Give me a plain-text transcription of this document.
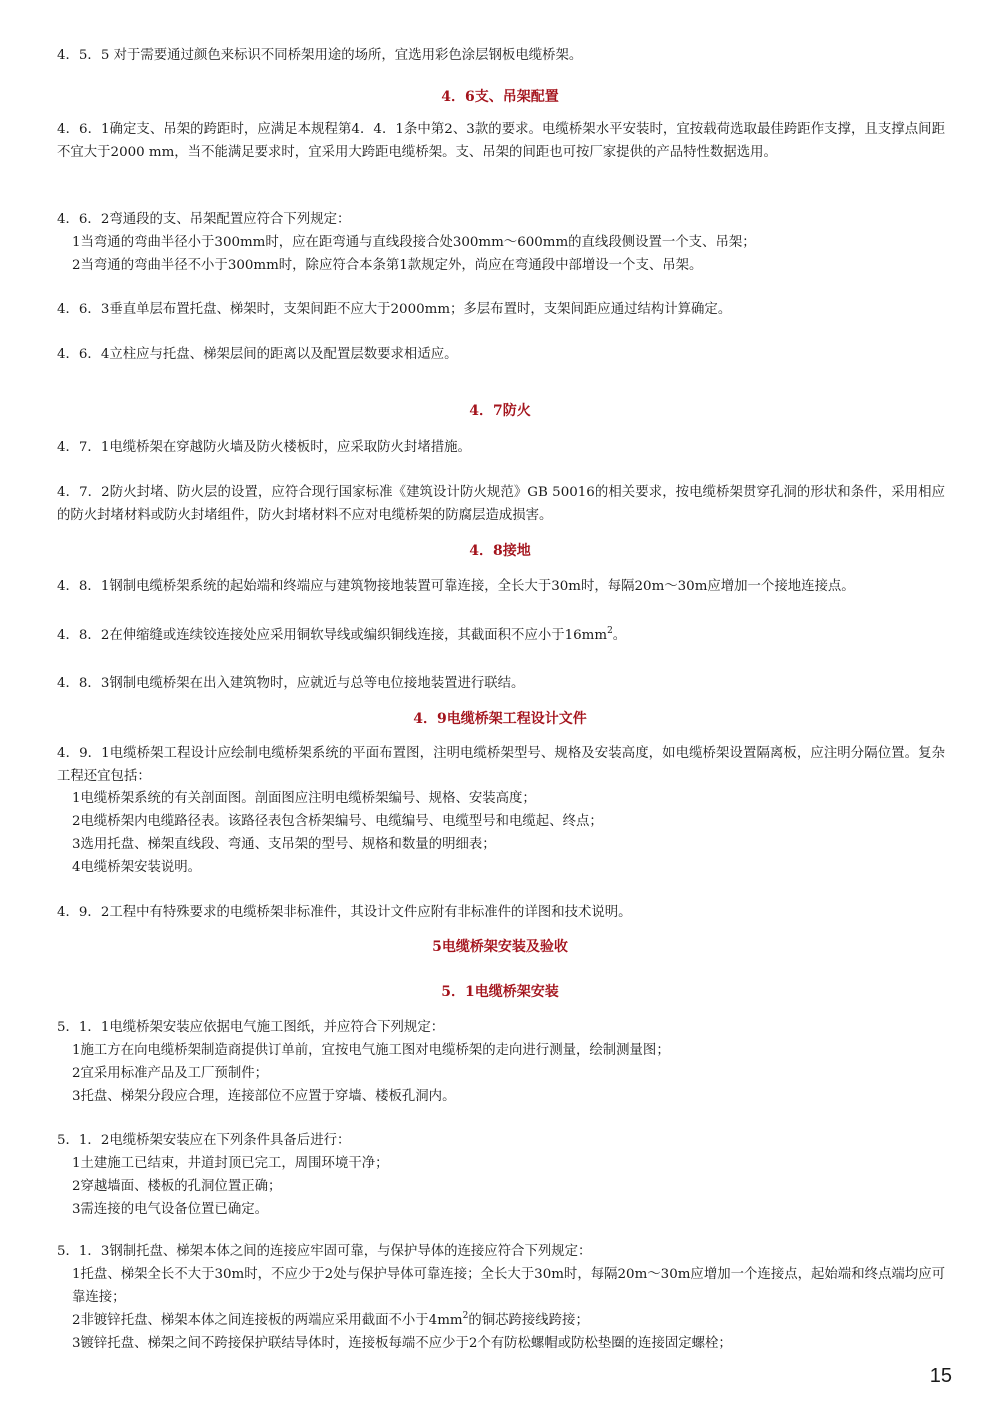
4．5．5 对于需要通过颜色来标识不同桥架用途的场所，宜选用彩色涂层钢板电缆桥架。

4．6支、吊架配置

4．6．1确定支、吊架的跨距时，应满足本规程第4．4．1条中第2、3款的要求。电缆桥架水平安装时，宜按载荷选取最佳跨距作支撑，且支撑点间距不宜大于2000 mm，当不能满足要求时，宜采用大跨距电缆桥架。支、吊架的间距也可按厂家提供的产品特性数据选用。

4．6．2弯通段的支、吊架配置应符合下列规定：

1当弯通的弯曲半径小于300mm时，应在距弯通与直线段接合处300mm～600mm的直线段侧设置一个支、吊架；
2当弯通的弯曲半径不小于300mm时，除应符合本条第1款规定外，尚应在弯通段中部增设一个支、吊架。

4．6．3垂直单层布置托盘、梯架时，支架间距不应大于2000mm；多层布置时，支架间距应通过结构计算确定。

4．6．4立柱应与托盘、梯架层间的距离以及配置层数要求相适应。

4．7防火

4．7．1电缆桥架在穿越防火墙及防火楼板时，应采取防火封堵措施。

4．7．2防火封堵、防火层的设置，应符合现行国家标准《建筑设计防火规范》GB 50016的相关要求，按电缆桥架贯穿孔洞的形状和条件，采用相应的防火封堵材料或防火封堵组件，防火封堵材料不应对电缆桥架的防腐层造成损害。

4．8接地

4．8．1钢制电缆桥架系统的起始端和终端应与建筑物接地装置可靠连接，全长大于30m时，每隔20m～30m应增加一个接地连接点。

4．8．2在伸缩缝或连续铰连接处应采用铜软导线或编织铜线连接，其截面积不应小于$16mm^2$。

4．8．3钢制电缆桥架在出入建筑物时，应就近与总等电位接地装置进行联结。

4．9电缆桥架工程设计文件

4．9．1电缆桥架工程设计应绘制电缆桥架系统的平面布置图，注明电缆桥架型号、规格及安装高度，如电缆桥架设置隔离板，应注明分隔位置。复杂工程还宜包括：

1电缆桥架系统的有关剖面图。剖面图应注明电缆桥架编号、规格、安装高度；
2电缆桥架内电缆路径表。该路径表包含桥架编号、电缆编号、电缆型号和电缆起、终点；
3选用托盘、梯架直线段、弯通、支吊架的型号、规格和数量的明细表；
4电缆桥架安装说明。

4．9．2工程中有特殊要求的电缆桥架非标准件，其设计文件应附有非标准件的详图和技术说明。

5电缆桥架安装及验收
5．1电缆桥架安装

5．1．1电缆桥架安装应依据电气施工图纸，并应符合下列规定：

1施工方在向电缆桥架制造商提供订单前，宜按电气施工图对电缆桥架的走向进行测量，绘制测量图；
2宜采用标准产品及工厂预制件；
3托盘、梯架分段应合理，连接部位不应置于穿墙、楼板孔洞内。

5．1．2电缆桥架安装应在下列条件具备后进行：

1土建施工已结束，井道封顶已完工，周围环境干净；
2穿越墙面、楼板的孔洞位置正确；
3需连接的电气设备位置已确定。

5．1．3钢制托盘、梯架本体之间的连接应牢固可靠，与保护导体的连接应符合下列规定：

1托盘、梯架全长不大于30m时，不应少于2处与保护导体可靠连接；全长大于30m时，每隔20m～30m应增加一个连接点，起始端和终点端均应可靠连接；
2非镀锌托盘、梯架本体之间连接板的两端应采用截面不小于$4mm^2$的铜芯跨接线跨接；
3镀锌托盘、梯架之间不跨接保护联结导体时，连接板每端不应少于2个有防松螺帽或防松垫圈的连接固定螺栓；
15
